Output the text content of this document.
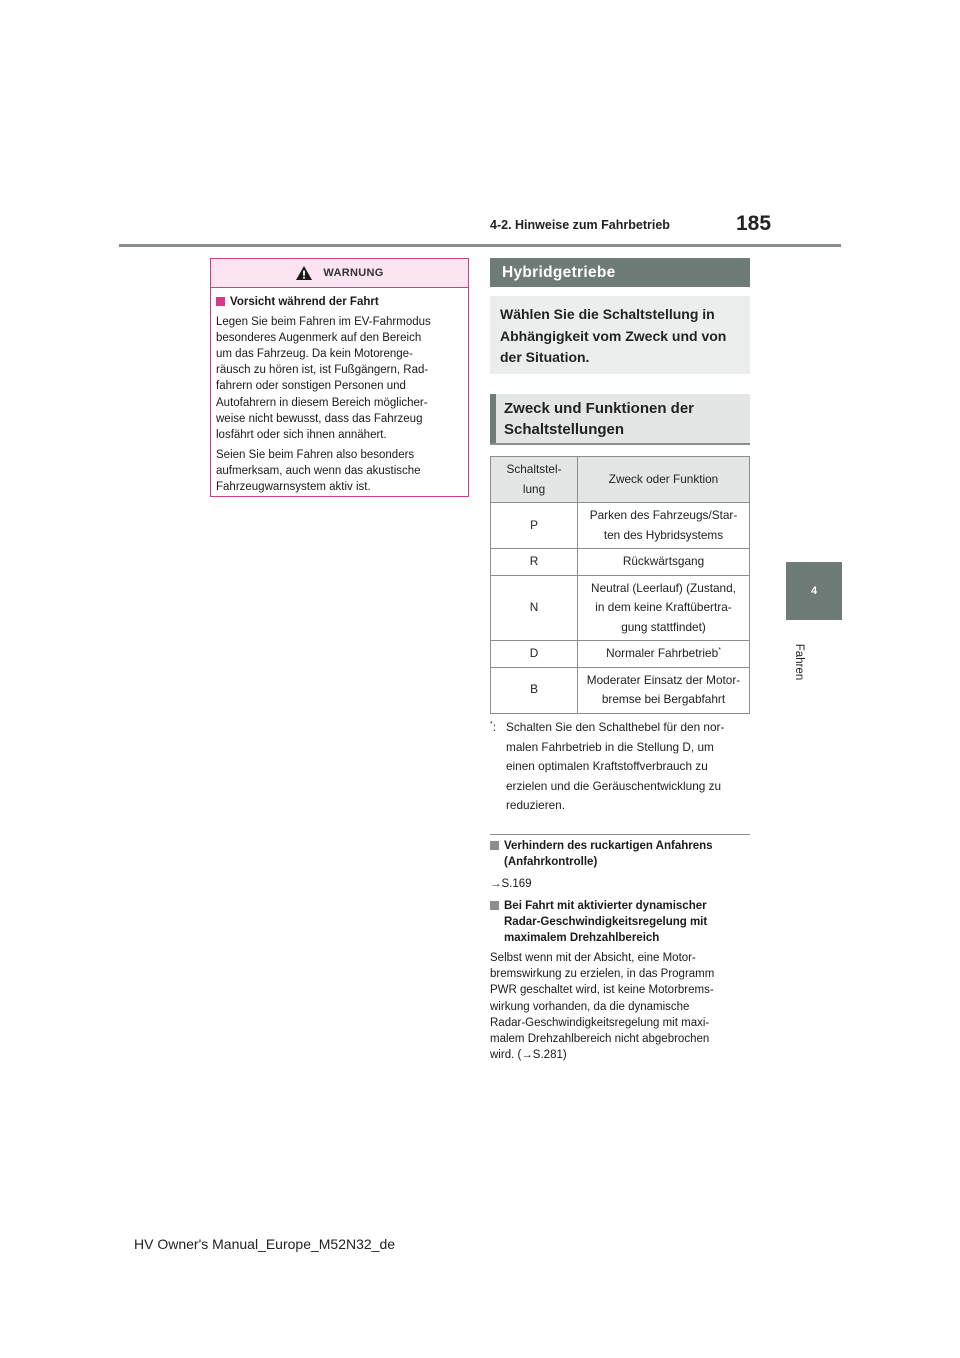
4-2. Hinweise zum Fahrbetrieb	185
4
Fahren
WARNUNG
Vorsicht während der Fahrt
Legen Sie beim Fahren im EV-Fahrmodus
besonderes Augenmerk auf den Bereich
um das Fahrzeug. Da kein Motorenge-
räusch zu hören ist, ist Fußgängern, Rad-
fahrern oder sonstigen Personen und
Autofahrern in diesem Bereich möglicher-
weise nicht bewusst, dass das Fahrzeug
losfährt oder sich ihnen annähert.
Seien Sie beim Fahren also besonders
aufmerksam, auch wenn das akustische
Fahrzeugwarnsystem aktiv ist.
Hybridgetriebe
Wählen Sie die Schaltstellung in
Abhängigkeit vom Zweck und von
der Situation.
Zweck und Funktionen der
Schaltstellungen
Schaltstel-
lung	Zweck oder Funktion

P	Parken des Fahrzeugs/Star-
ten des Hybridsystems

R	Rückwärtsgang

N	Neutral (Leerlauf) (Zustand,
in dem keine Kraftübertra-
gung stattfindet)

D	Normaler Fahrbetrieb*
B	Moderater Einsatz der Motor-
bremse bei Bergabfahrt
*: Schalten Sie den Schalthebel für den nor-
malen Fahrbetrieb in die Stellung D, um
einen optimalen Kraftstoffverbrauch zu
erzielen und die Geräuschentwicklung zu
reduzieren.
Verhindern des ruckartigen Anfahrens
(Anfahrkontrolle)
→S.169
Bei Fahrt mit aktivierter dynamischer
Radar-Geschwindigkeitsregelung mit
maximalem Drehzahlbereich
Selbst wenn mit der Absicht, eine Motor-
bremswirkung zu erzielen, in das Programm
PWR geschaltet wird, ist keine Motorbrems-
wirkung vorhanden, da die dynamische
Radar-Geschwindigkeitsregelung mit maxi-
malem Drehzahlbereich nicht abgebrochen
wird. (→S.281)
HV Owner's Manual_Europe_M52N32_de
